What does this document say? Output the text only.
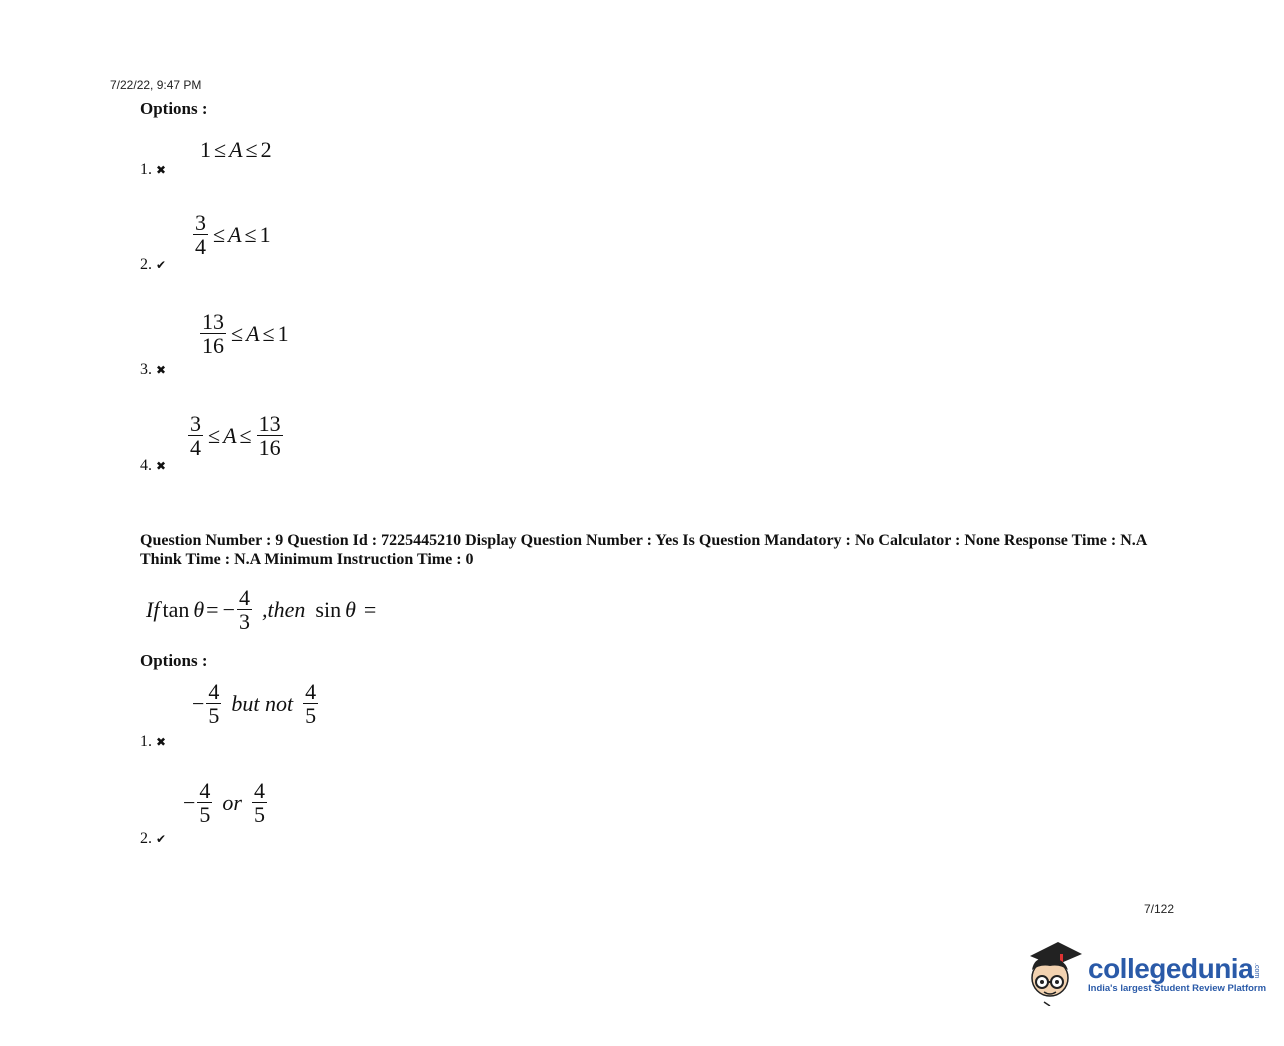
7/22/22, 9:47 PM
Options :
1. ✖
1 ≤ A ≤ 2
2. ✔
$\frac{3}{4} \le A \le 1$
3. ✖
$\frac{13}{16} \le A \le 1$
4. ✖
$\frac{3}{4} \le A \le \frac{13}{16}$
Question Number : 9 Question Id : 7225445210 Display Question Number : Yes Is Question Mandatory : No Calculator : None Response Time : N.A Think Time : N.A Minimum Instruction Time : 0
If tan θ = − $\frac{4}{3}$ ,then sin θ =
Options :
1. ✖
− $\frac{4}{5}$ but not $\frac{4}{5}$
2. ✔
− $\frac{4}{5}$ or $\frac{4}{5}$
7/122
collegedunia .com
India's largest Student Review Platform
